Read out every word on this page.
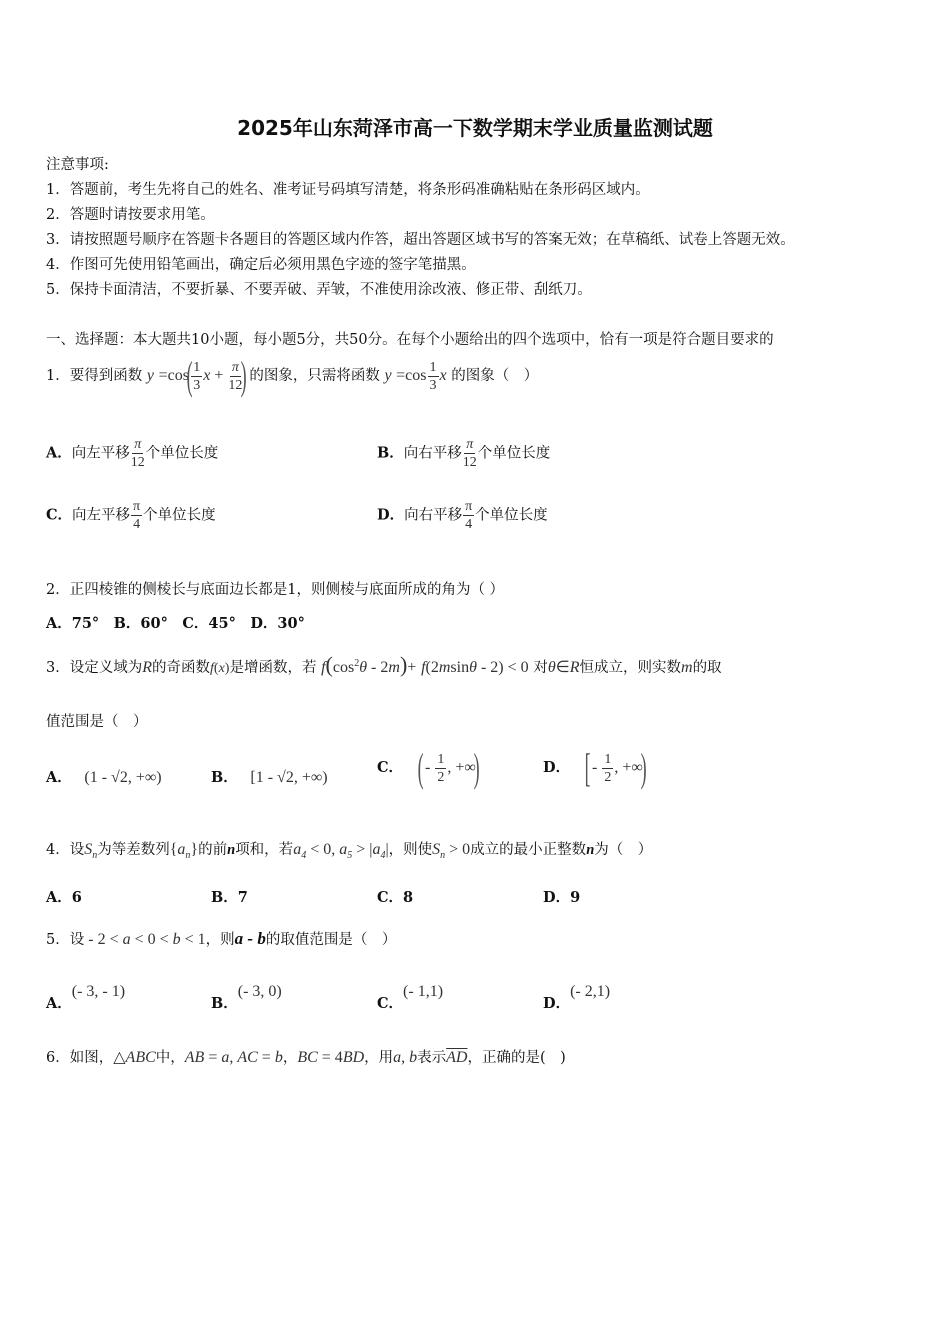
2025年山东菏泽市高一下数学期末学业质量监测试题
注意事项:
1．答题前，考生先将自己的姓名、准考证号码填写清楚，将条形码准确粘贴在条形码区域内。
2．答题时请按要求用笔。
3．请按照题号顺序在答题卡各题目的答题区域内作答，超出答题区域书写的答案无效；在草稿纸、试卷上答题无效。
4．作图可先使用铅笔画出，确定后必须用黑色字迹的签字笔描黑。
5．保持卡面清洁，不要折暴、不要弄破、弄皱，不准使用涂改液、修正带、刮纸刀。
一、选择题：本大题共10小题，每小题5分，共50分。在每个小题给出的四个选项中，恰有一项是符合题目要求的
1．要得到函数 y =cos(
$\frac{1}{3}$ $x + \frac{\pi}{12}$
) 的图象，只需将函数 $y =\cos \frac{1}{3}$ x 的图象（　）
A．向左平移 $\frac{\pi}{12}$ 个单位长度	B．向右平移 $\frac{\pi}{12}$ 个单位长度
C．向左平移 $\frac{\pi}{4}$ 个单位长度	D．向右平移 $\frac{\pi}{4}$ 个单位长度
2．正四棱锥的侧棱长与底面边长都是1，则侧棱与底面所成的角为（ ）
A．75°　B．60°　C．45°　D．30°
3．设定义域为R的奇函数f(x)是增函数，若 $f(\cos^2\theta - 2m)+ f(2msin\theta - 2) < 0$ 对θ∈R恒成立，则实数m的取
值范围是（　）
A． (1 - √2, +∞)	B． [1 - √2, +∞)
C． ( - $\frac{1}{2}$ , +∞)	D． [ - $\frac{1}{2}$ , +∞)
4．设$S_n$为等差数列$\{a_n\}$的前n项和，若$a_4 < 0$, $a_5 > |a_4|$，则使$S_n > 0$成立的最小正整数n为（　）
A．6	B．7	C．8	D．9
5．设 - 2 < a < 0 < b < 1，则a - b的取值范围是（　）
A．(- 3, - 1)
B．(- 3, 0)
C．(- 1,1)
D．(- 2,1)
6．如图，△ABC中，AB = a, AC = b，BC = 4BD，用a, b表示$\overline{AD}$，正确的是(　)
